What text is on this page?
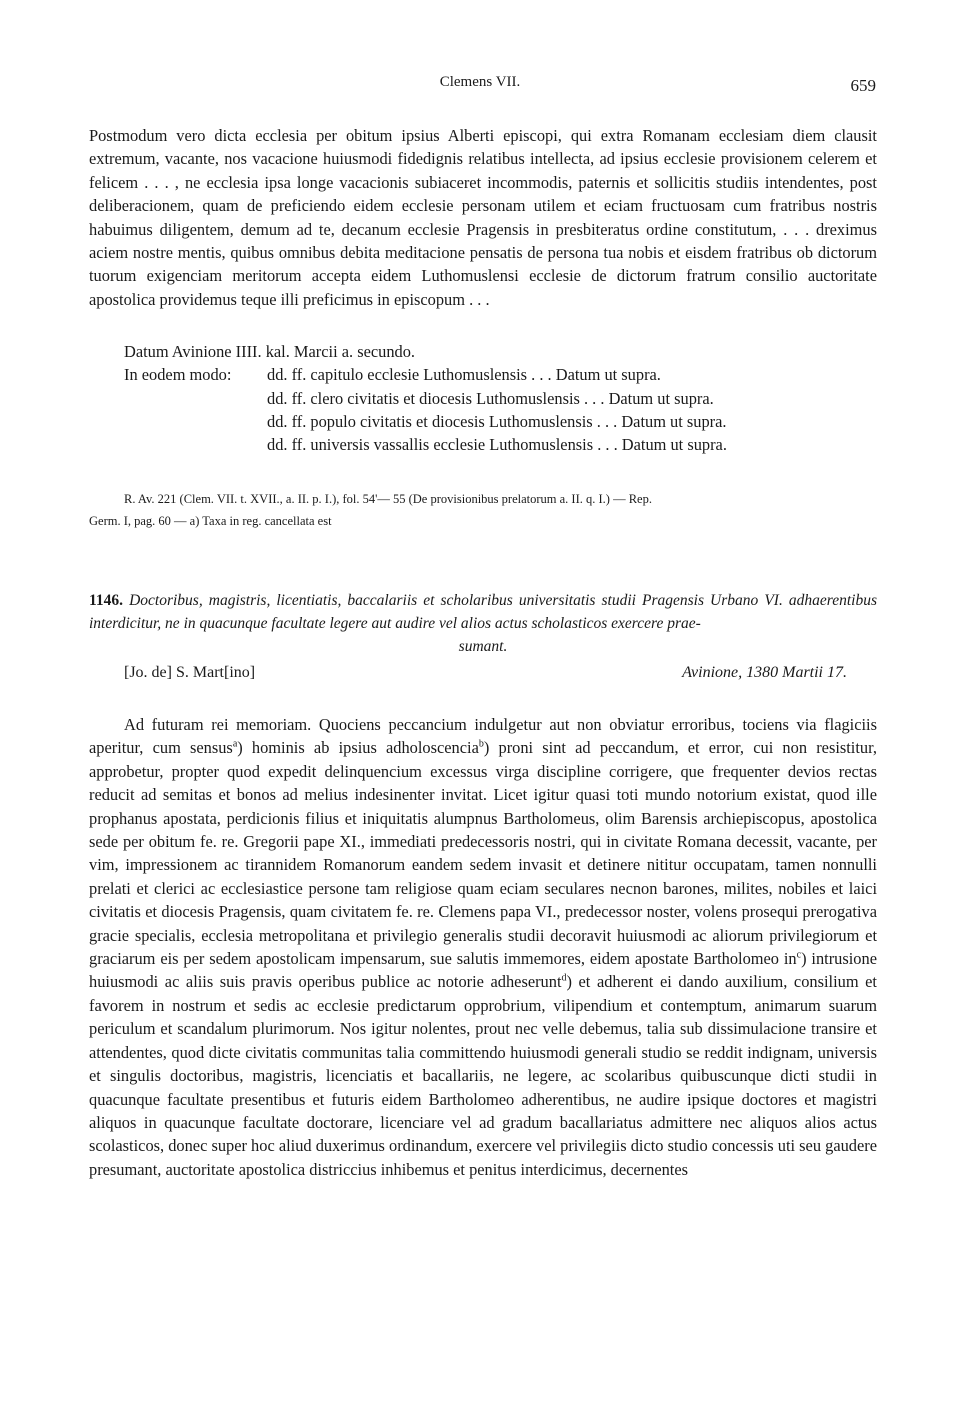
Clemens VII.	659

Postmodum vero dicta ecclesia per obitum ipsius Alberti episcopi, qui extra Romanam ecclesiam diem clausit extremum, vacante, nos vacacione huiusmodi fidedignis relatibus intellecta, ad ipsius ecclesie provisionem celerem et felicem . . . , ne ecclesia ipsa longe vacacionis subiaceret incommodis, paternis et sollicitis studiis intendentes, post deliberacionem, quam de preficiendo eidem ecclesie personam utilem et eciam fructuosam cum fratribus nostris habuimus diligentem, demum ad te, decanum ecclesie Pragensis in presbiteratus ordine constitutum, . . . dreximus aciem nostre mentis, quibus omnibus debita meditacione pensatis de persona tua nobis et eisdem fratribus ob dictorum tuorum exigenciam meritorum accepta eidem Luthomuslensi ecclesie de dictorum fratrum consilio auctoritate apostolica providemus teque illi preficimus in episcopum . . .

Datum Avinione IIII. kal. Marcii a. secundo.
In eodem modo:	dd. ff. capitulo ecclesie Luthomuslensis . . . Datum ut supra.
dd. ff. clero civitatis et diocesis Luthomuslensis . . . Datum ut supra.
dd. ff. populo civitatis et diocesis Luthomuslensis . . . Datum ut supra.
dd. ff. universis vassallis ecclesie Luthomuslensis . . . Datum ut supra.
R. Av. 221 (Clem. VII. t. XVII., a. II. p. I.), fol. 54'— 55 (De provisionibus prelatorum a. II. q. I.) — Rep.
Germ. I, pag. 60 — a) Taxa in reg. cancellata est
1146. Doctoribus, magistris, licentiatis, baccalariis et scholaribus universitatis studii Pragensis Urbano VI. adhaerentibus interdicitur, ne in quacunque facultate legere aut audire vel alios actus scholasticos exercere prae-
sumant.
[Jo. de] S. Mart[ino]	Avinione, 1380 Martii 17.

Ad futuram rei memoriam. Quociens peccancium indulgetur aut non obviatur erroribus, tociens via flagiciis aperitur, cum sensus$^a$) hominis ab ipsius adholoscencia$^b$) proni sint ad peccandum, et error, cui non resistitur, approbetur, propter quod expedit delinquencium excessus virga discipline corrigere, que frequenter devios rectas reducit ad semitas et bonos ad melius indesinenter invitat. Licet igitur quasi toti mundo notorium existat, quod ille prophanus apostata, perdicionis filius et iniquitatis alumpnus Bartholomeus, olim Barensis archiepiscopus, apostolica sede per obitum fe. re. Gregorii pape XI., immediati predecessoris nostri, qui in civitate Romana decessit, vacante, per vim, impressionem ac tirannidem Romanorum eandem sedem invasit et detinere nititur occupatam, tamen nonnulli prelati et clerici ac ecclesiastice persone tam religiose quam eciam seculares necnon barones, milites, nobiles et laici civitatis et diocesis Pragensis, quam civitatem fe. re. Clemens papa VI., predecessor noster, volens prosequi prerogativa gracie specialis, ecclesia metropolitana et privilegio generalis studii decoravit huiusmodi ac aliorum privilegiorum et graciarum eis per sedem apostolicam impensarum, sue salutis immemores, eidem apostate Bartholomeo $in^c$) intrusione huiusmodi ac aliis suis pravis operibus publice ac notorie adheserunt$^d$) et adherent ei dando auxilium, consilium et favorem in nostrum et sedis ac ecclesie predictarum opprobrium, vilipendium et contemptum, animarum suarum periculum et scandalum plurimorum. Nos igitur nolentes, prout nec velle debemus, talia sub dissimulacione transire et attendentes, quod dicte civitatis communitas talia committendo huiusmodi generali studio se reddit indignam, universis et singulis doctoribus, magistris, licenciatis et bacallariis, ne legere, ac scolaribus quibuscunque dicti studii in quacunque facultate presentibus et futuris eidem Bartholomeo adherentibus, ne audire ipsique doctores et magistri aliquos in quacunque facultate doctorare, licenciare vel ad gradum bacallariatus admittere nec aliquos alios actus scolasticos, donec super hoc aliud duxerimus ordinandum, exercere vel privilegiis dicto studio concessis uti seu gaudere presumant, auctoritate apostolica districcius inhibemus et penitus interdicimus, decernentes
